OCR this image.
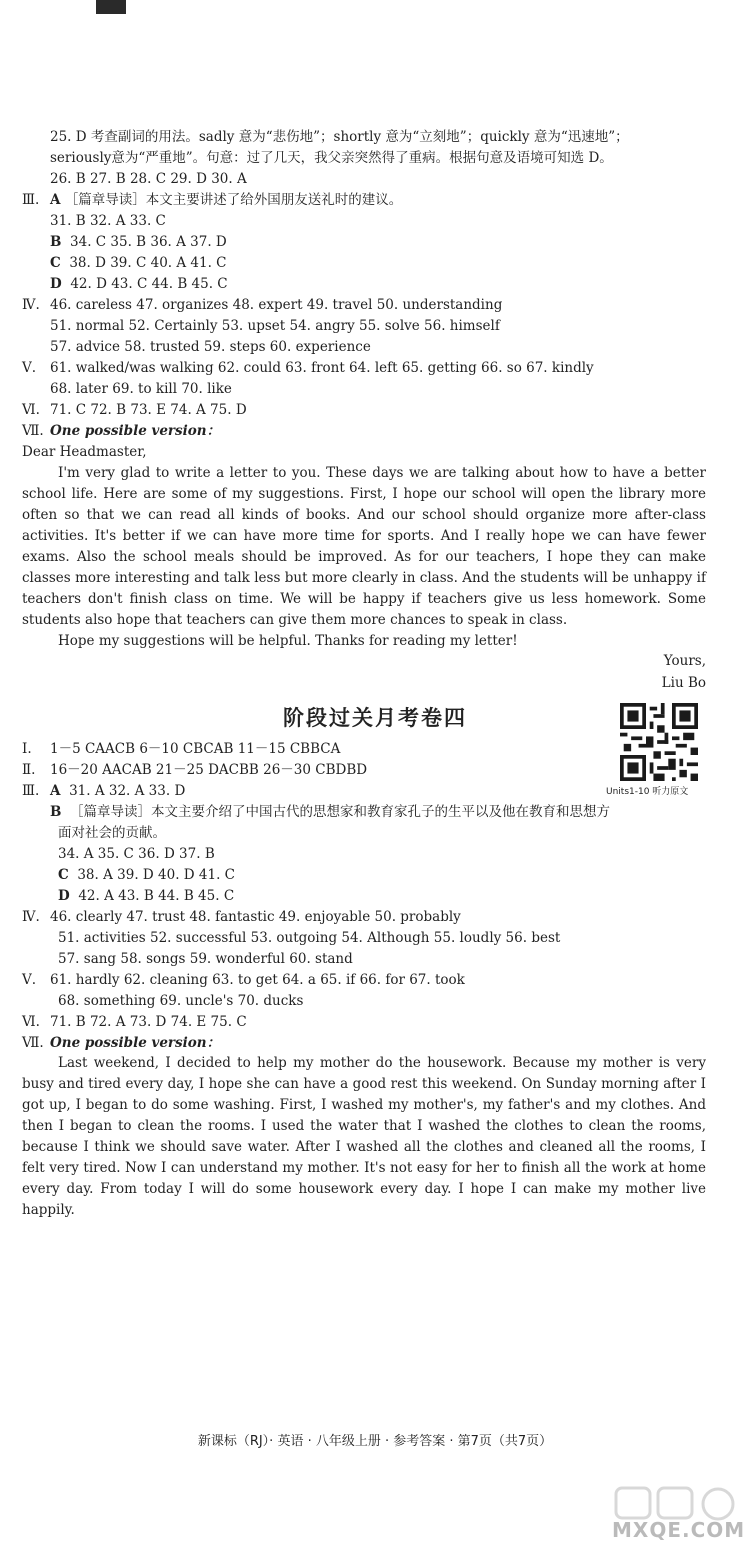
25. D 考查副词的用法。sadly 意为“悲伤地”；shortly 意为“立刻地”；quickly 意为“迅速地”；
seriously意为“严重地”。句意：过了几天，我父亲突然得了重病。根据句意及语境可知选 D。
26. B 27. B 28. C 29. D 30. A
Ⅲ. A ［篇章导读］本文主要讲述了给外国朋友送礼时的建议。
31. B 32. A 33. C
B 34. C 35. B 36. A 37. D
C 38. D 39. C 40. A 41. C
D 42. D 43. C 44. B 45. C
Ⅳ. 46. careless 47. organizes 48. expert 49. travel 50. understanding
51. normal 52. Certainly 53. upset 54. angry 55. solve 56. himself
57. advice 58. trusted 59. steps 60. experience
Ⅴ. 61. walked/was walking 62. could 63. front 64. left 65. getting 66. so 67. kindly
68. later 69. to kill 70. like
Ⅵ. 71. C 72. B 73. E 74. A 75. D
Ⅶ. One possible version：
Dear Headmaster,

I'm very glad to write a letter to you. These days we are talking about how to have a better school life. Here are some of my suggestions. First, I hope our school will open the library more often so that we can read all kinds of books. And our school should organize more after-class activities. It's better if we can have more time for sports. And I really hope we can have fewer exams. Also the school meals should be improved. As for our teachers, I hope they can make classes more interesting and talk less but more clearly in class. And the students will be unhappy if teachers don't finish class on time. We will be happy if teachers give us less homework. Some students also hope that teachers can give them more chances to speak in class.

Hope my suggestions will be helpful. Thanks for reading my letter!

Yours,
Liu Bo
阶段过关月考卷四
Units1-10 听力原文
Ⅰ. 1－5 CAACB 6－10 CBCAB 11－15 CBBCA
Ⅱ. 16－20 AACAB 21－25 DACBB 26－30 CBDBD
Ⅲ. A 31. A 32. A 33. D
B ［篇章导读］本文主要介绍了中国古代的思想家和教育家孔子的生平以及他在教育和思想方
面对社会的贡献。
34. A 35. C 36. D 37. B
C 38. A 39. D 40. D 41. C
D 42. A 43. B 44. B 45. C
Ⅳ. 46. clearly 47. trust 48. fantastic 49. enjoyable 50. probably
51. activities 52. successful 53. outgoing 54. Although 55. loudly 56. best
57. sang 58. songs 59. wonderful 60. stand
Ⅴ. 61. hardly 62. cleaning 63. to get 64. a 65. if 66. for 67. took
68. something 69. uncle's 70. ducks
Ⅵ. 71. B 72. A 73. D 74. E 75. C
Ⅶ. One possible version：

Last weekend, I decided to help my mother do the housework. Because my mother is very busy and tired every day, I hope she can have a good rest this weekend. On Sunday morning after I got up, I began to do some washing. First, I washed my mother's, my father's and my clothes. And then I began to clean the rooms. I used the water that I washed the clothes to clean the rooms, because I think we should save water. After I washed all the clothes and cleaned all the rooms, I felt very tired. Now I can understand my mother. It's not easy for her to finish all the work at home every day. From today I will do some housework every day. I hope I can make my mother live happily.

新课标（RJ）· 英语 · 八年级上册 · 参考答案 · 第7页（共7页）
MXQE.COM
